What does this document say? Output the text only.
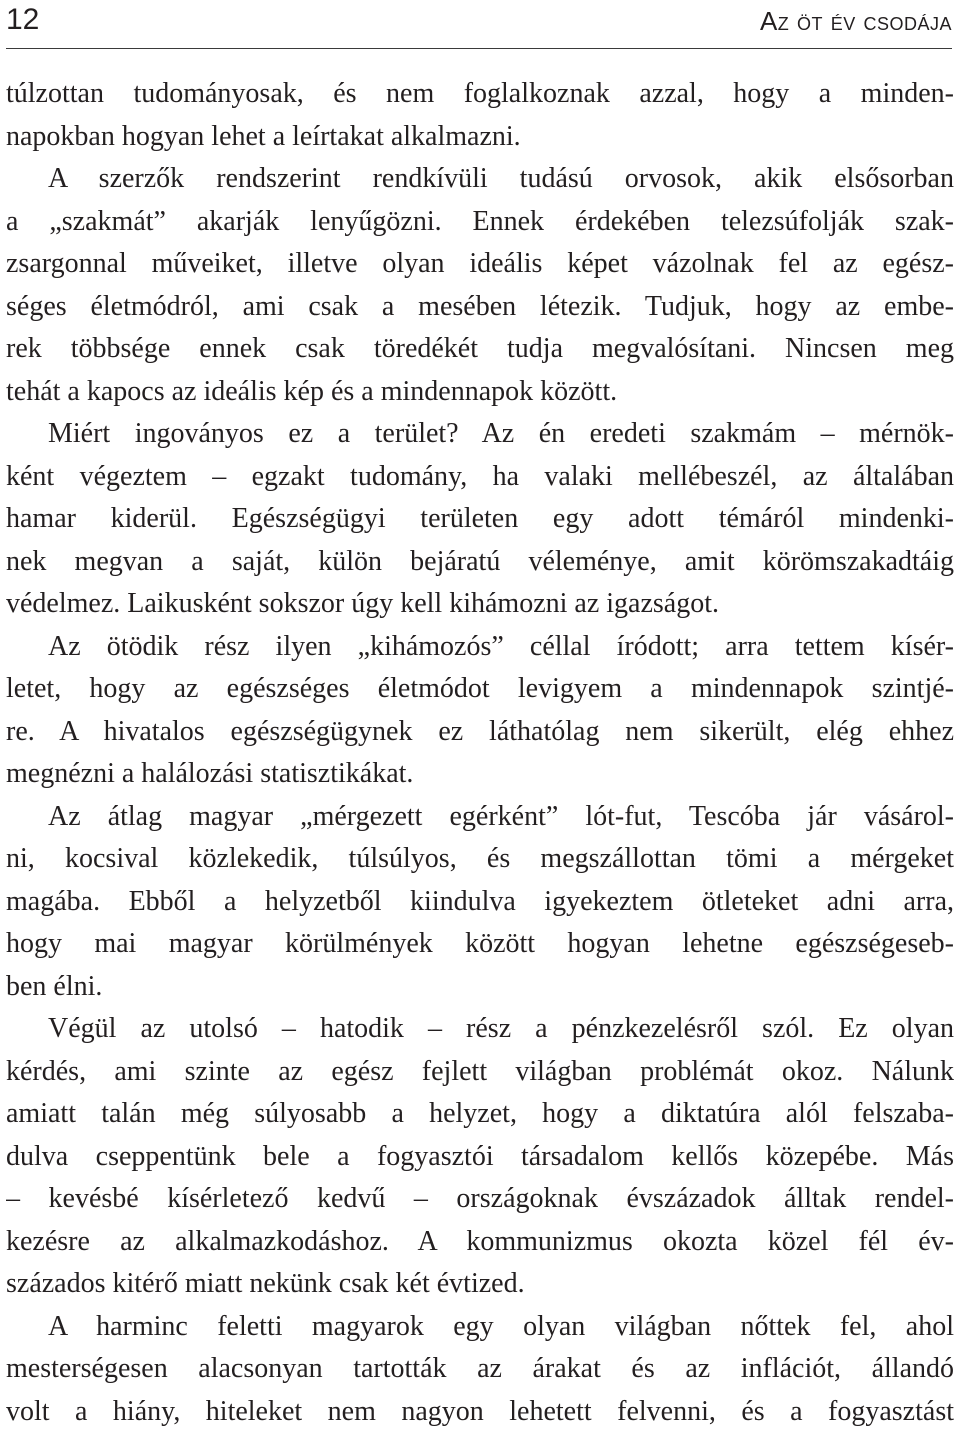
12	Az öt év csodája
túlzottan tudományosak, és nem foglalkoznak azzal, hogy a minden-
napokban hogyan lehet a leírtakat alkalmazni.
A szerzők rendszerint rendkívüli tudású orvosok, akik elsősorban
a „szakmát” akarják lenyűgözni. Ennek érdekében telezsúfolják szak-
zsargonnal műveiket, illetve olyan ideális képet vázolnak fel az egész-
séges életmódról, ami csak a mesében létezik. Tudjuk, hogy az embe-
rek többsége ennek csak töredékét tudja megvalósítani. Nincsen meg
tehát a kapocs az ideális kép és a mindennapok között.
Miért ingoványos ez a terület? Az én eredeti szakmám – mérnök-
ként végeztem – egzakt tudomány, ha valaki mellébeszél, az általában
hamar kiderül. Egészségügyi területen egy adott témáról mindenki-
nek megvan a saját, külön bejáratú véleménye, amit körömszakadtáig
védelmez. Laikusként sokszor úgy kell kihámozni az igazságot.
Az ötödik rész ilyen „kihámozós” céllal íródott; arra tettem kísér-
letet, hogy az egészséges életmódot levigyem a mindennapok szintjé-
re. A hivatalos egészségügynek ez láthatólag nem sikerült, elég ehhez
megnézni a halálozási statisztikákat.
Az átlag magyar „mérgezett egérként” lót-fut, Tescóba jár vásárol-
ni, kocsival közlekedik, túlsúlyos, és megszállottan tömi a mérgeket
magába. Ebből a helyzetből kiindulva igyekeztem ötleteket adni arra,
hogy mai magyar körülmények között hogyan lehetne egészségeseb-
ben élni.
Végül az utolsó – hatodik – rész a pénzkezelésről szól. Ez olyan
kérdés, ami szinte az egész fejlett világban problémát okoz. Nálunk
amiatt talán még súlyosabb a helyzet, hogy a diktatúra alól felszaba-
dulva cseppentünk bele a fogyasztói társadalom kellős közepébe. Más
– kevésbé kísérletező kedvű – országoknak évszázadok álltak rendel-
kezésre az alkalmazkodáshoz. A kommunizmus okozta közel fél év-
százados kitérő miatt nekünk csak két évtized.
A harminc feletti magyarok egy olyan világban nőttek fel, ahol
mesterségesen alacsonyan tartották az árakat és az inflációt, állandó
volt a hiány, hiteleket nem nagyon lehetett felvenni, és a fogyasztást
